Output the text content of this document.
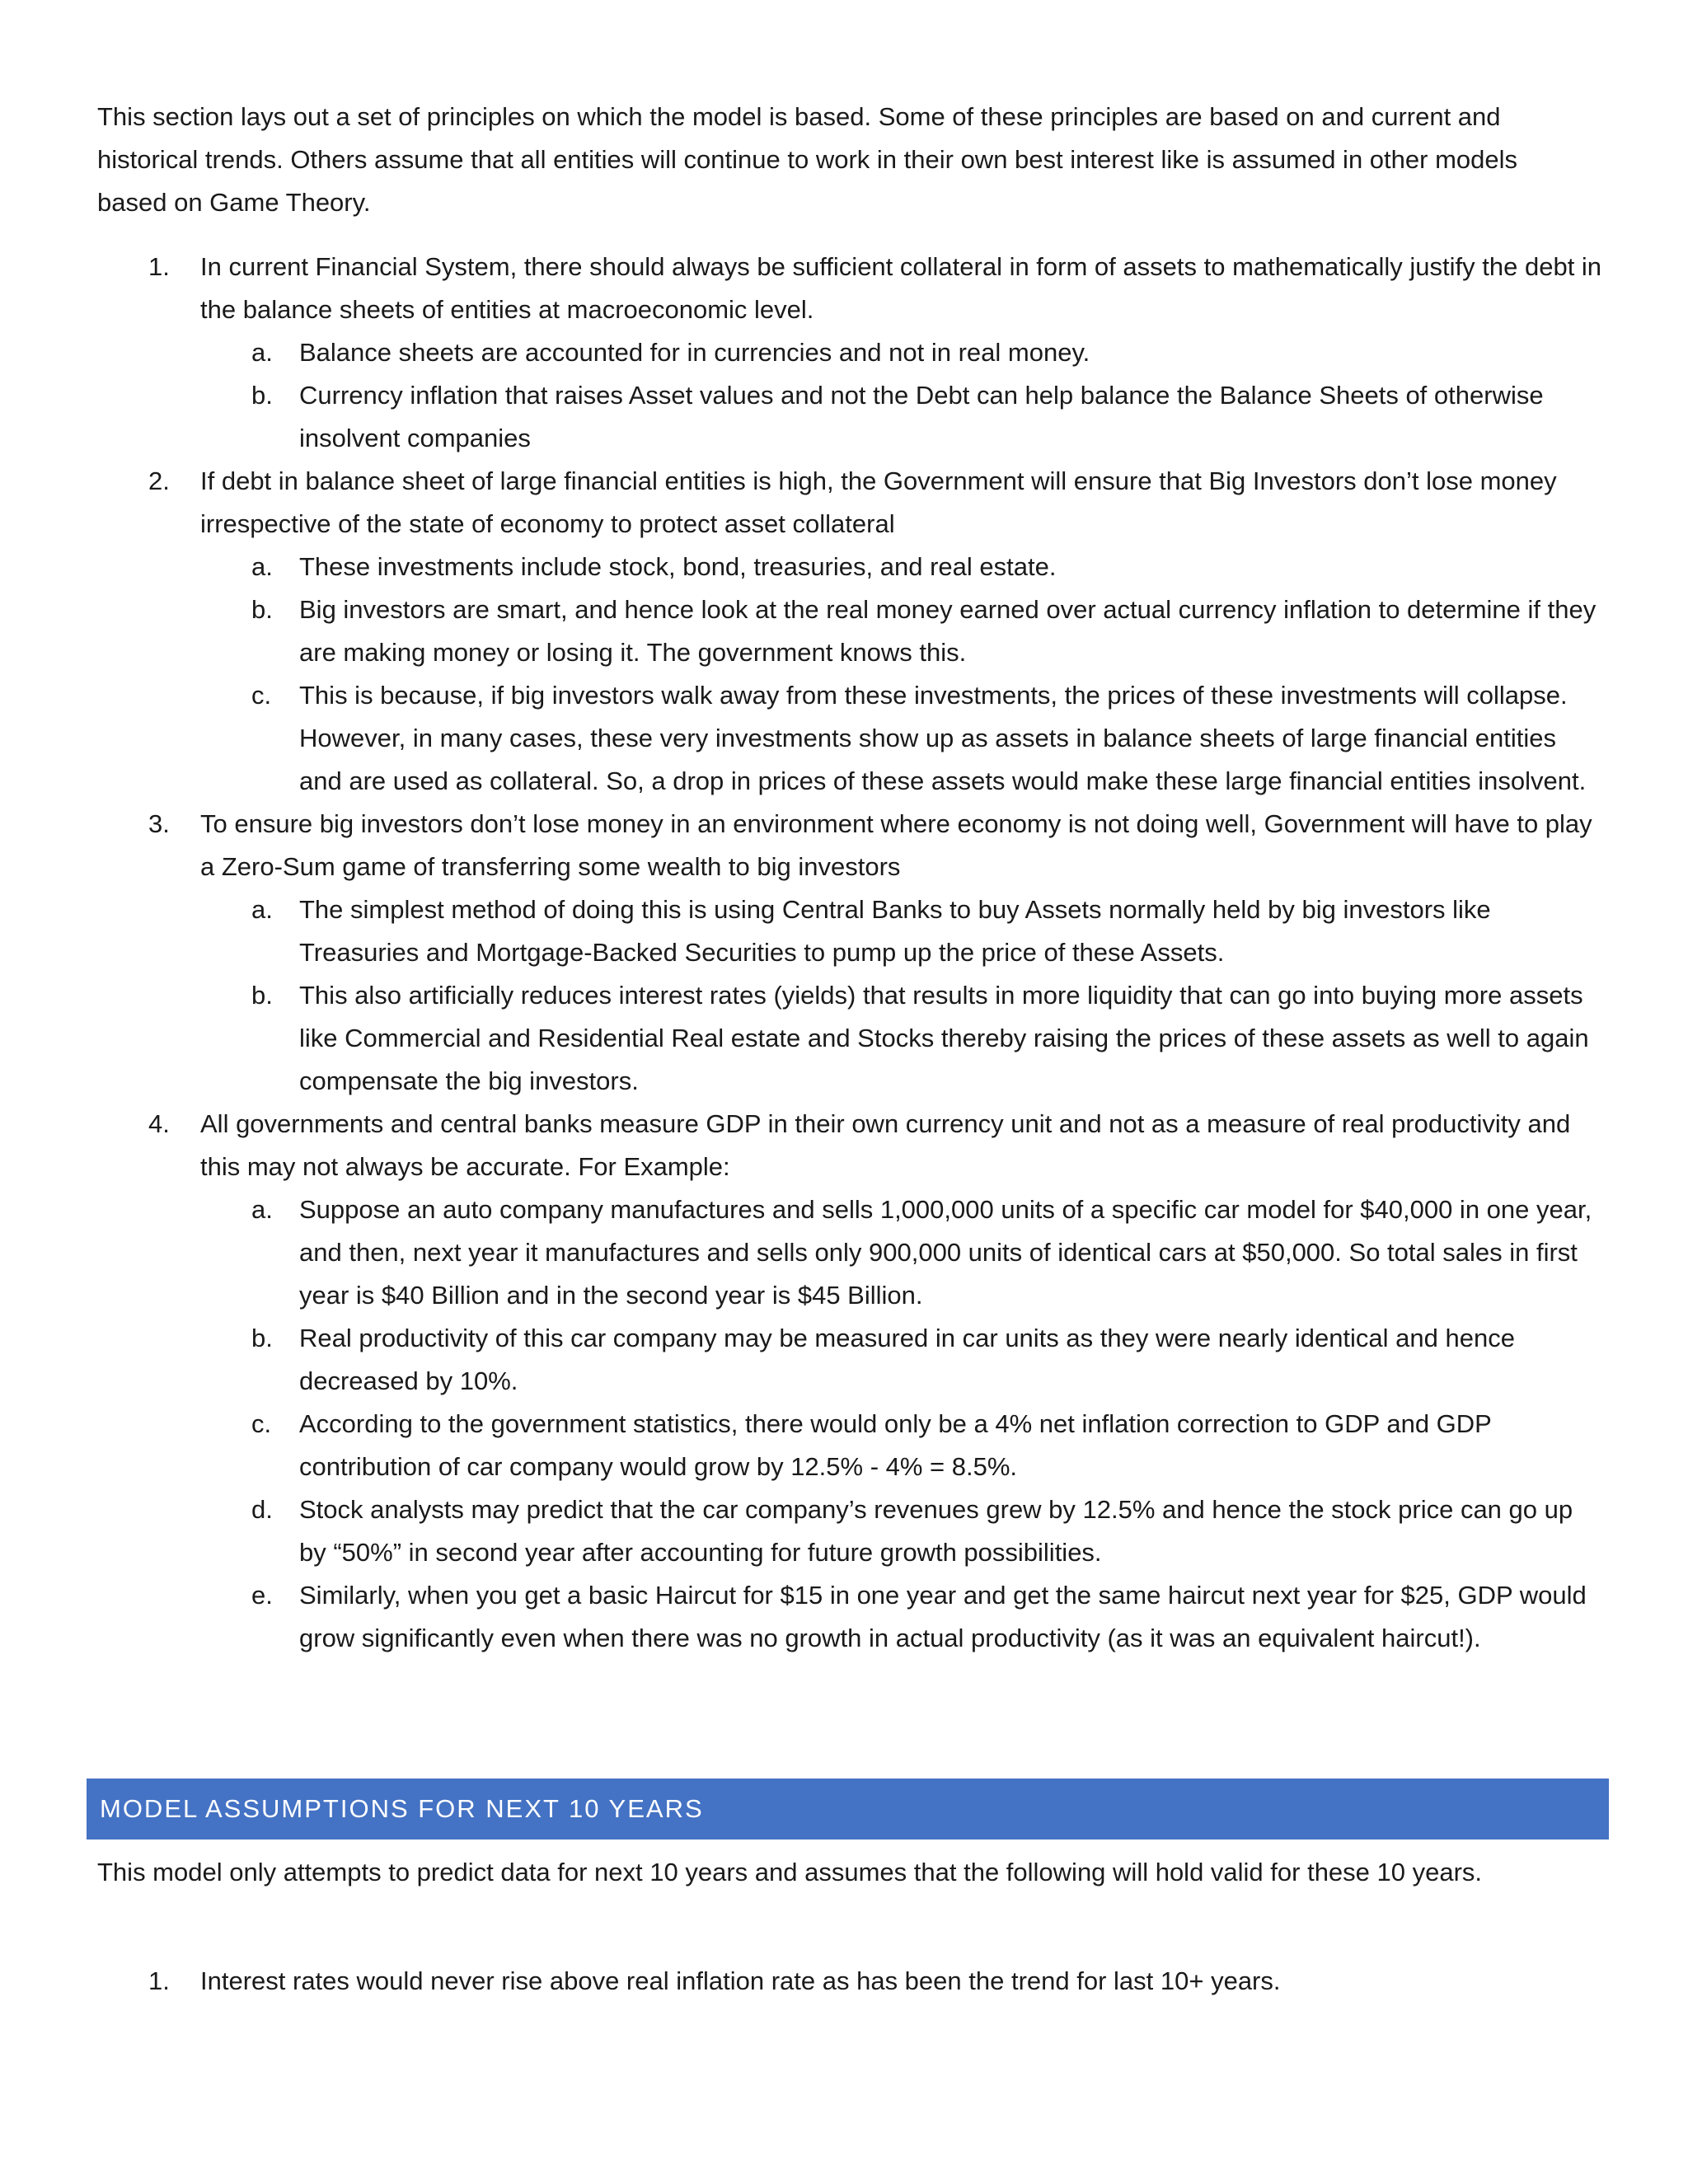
This section lays out a set of principles on which the model is based. Some of these principles are based on and current and historical trends. Others assume that all entities will continue to work in their own best interest like is assumed in other models based on Game Theory.

1. In current Financial System, there should always be sufficient collateral in form of assets to mathematically justify the debt in the balance sheets of entities at macroeconomic level.
a. Balance sheets are accounted for in currencies and not in real money.
b. Currency inflation that raises Asset values and not the Debt can help balance the Balance Sheets of otherwise insolvent companies
2. If debt in balance sheet of large financial entities is high, the Government will ensure that Big Investors don’t lose money irrespective of the state of economy to protect asset collateral
a. These investments include stock, bond, treasuries, and real estate.
b. Big investors are smart, and hence look at the real money earned over actual currency inflation to determine if they are making money or losing it. The government knows this.
c. This is because, if big investors walk away from these investments, the prices of these investments will collapse. However, in many cases, these very investments show up as assets in balance sheets of large financial entities and are used as collateral. So, a drop in prices of these assets would make these large financial entities insolvent.
3. To ensure big investors don’t lose money in an environment where economy is not doing well, Government will have to play a Zero-Sum game of transferring some wealth to big investors
a. The simplest method of doing this is using Central Banks to buy Assets normally held by big investors like Treasuries and Mortgage-Backed Securities to pump up the price of these Assets.
b. This also artificially reduces interest rates (yields) that results in more liquidity that can go into buying more assets like Commercial and Residential Real estate and Stocks thereby raising the prices of these assets as well to again compensate the big investors.
4. All governments and central banks measure GDP in their own currency unit and not as a measure of real productivity and this may not always be accurate. For Example:
a. Suppose an auto company manufactures and sells 1,000,000 units of a specific car model for $40,000 in one year, and then, next year it manufactures and sells only 900,000 units of identical cars at $50,000. So total sales in first year is $40 Billion and in the second year is $45 Billion.
b. Real productivity of this car company may be measured in car units as they were nearly identical and hence decreased by 10%.
c. According to the government statistics, there would only be a 4% net inflation correction to GDP and GDP contribution of car company would grow by 12.5% - 4% = 8.5%.
d. Stock analysts may predict that the car company’s revenues grew by 12.5% and hence the stock price can go up by “50%” in second year after accounting for future growth possibilities.
e. Similarly, when you get a basic Haircut for $15 in one year and get the same haircut next year for $25, GDP would grow significantly even when there was no growth in actual productivity (as it was an equivalent haircut!).
MODEL ASSUMPTIONS FOR NEXT 10 YEARS

This model only attempts to predict data for next 10 years and assumes that the following will hold valid for these 10 years.

1. Interest rates would never rise above real inflation rate as has been the trend for last 10+ years.
